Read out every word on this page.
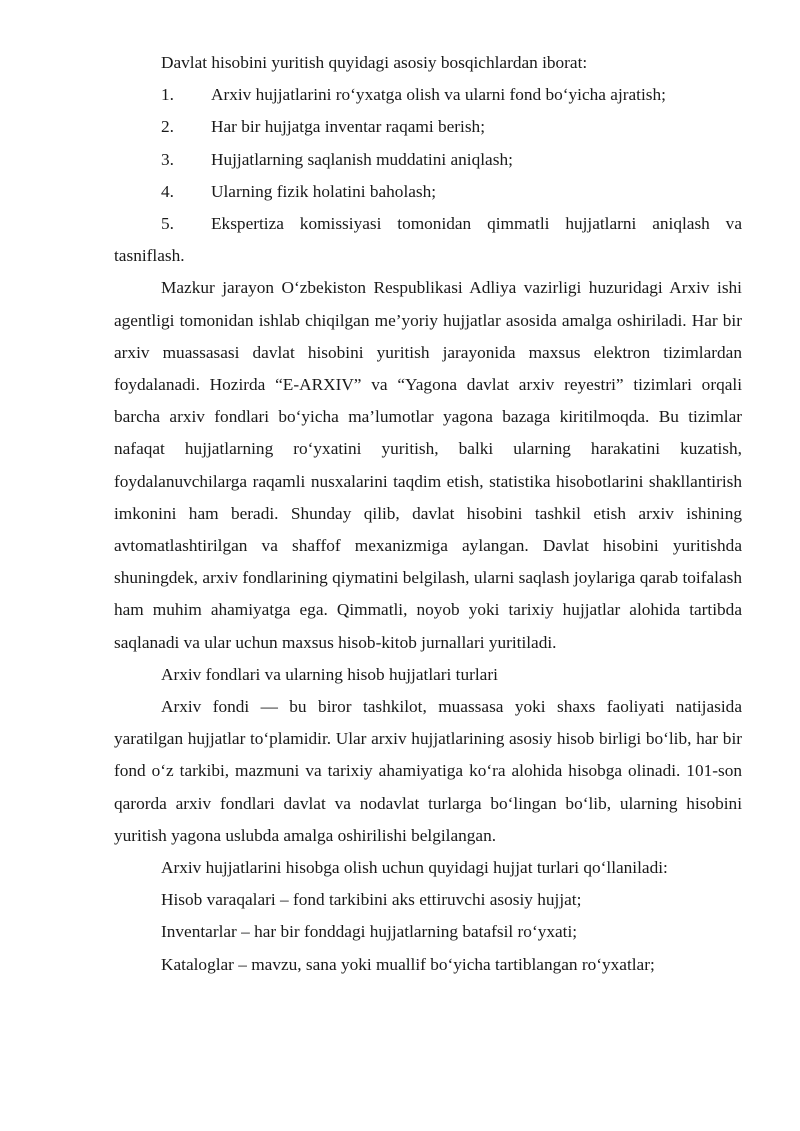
Davlat hisobini yuritish quyidagi asosiy bosqichlardan iborat:

1. Arxiv hujjatlarini ro‘yxatga olish va ularni fond bo‘yicha ajratish;

2. Har bir hujjatga inventar raqami berish;

3. Hujjatlarning saqlanish muddatini aniqlash;

4. Ularning fizik holatini baholash;

5. Ekspertiza komissiyasi tomonidan qimmatli hujjatlarni aniqlash va tasniflash.

Mazkur jarayon O‘zbekiston Respublikasi Adliya vazirligi huzuridagi Arxiv ishi agentligi tomonidan ishlab chiqilgan me’yoriy hujjatlar asosida amalga oshiriladi. Har bir arxiv muassasasi davlat hisobini yuritish jarayonida maxsus elektron tizimlardan foydalanadi. Hozirda “E-ARXIV” va “Yagona davlat arxiv reyestri” tizimlari orqali barcha arxiv fondlari bo‘yicha ma’lumotlar yagona bazaga kiritilmoqda. Bu tizimlar nafaqat hujjatlarning ro‘yxatini yuritish, balki ularning harakatini kuzatish, foydalanuvchilarga raqamli nusxalarini taqdim etish, statistika hisobotlarini shakllantirish imkonini ham beradi. Shunday qilib, davlat hisobini tashkil etish arxiv ishining avtomatlashtirilgan va shaffof mexanizmiga aylangan. Davlat hisobini yuritishda shuningdek, arxiv fondlarining qiymatini belgilash, ularni saqlash joylariga qarab toifalash ham muhim ahamiyatga ega. Qimmatli, noyob yoki tarixiy hujjatlar alohida tartibda saqlanadi va ular uchun maxsus hisob-kitob jurnallari yuritiladi.

Arxiv fondlari va ularning hisob hujjatlari turlari

Arxiv fondi — bu biror tashkilot, muassasa yoki shaxs faoliyati natijasida yaratilgan hujjatlar to‘plamidir. Ular arxiv hujjatlarining asosiy hisob birligi bo‘lib, har bir fond o‘z tarkibi, mazmuni va tarixiy ahamiyatiga ko‘ra alohida hisobga olinadi. 101-son qarorda arxiv fondlari davlat va nodavlat turlarga bo‘lingan bo‘lib, ularning hisobini yuritish yagona uslubda amalga oshirilishi belgilangan.

Arxiv hujjatlarini hisobga olish uchun quyidagi hujjat turlari qo‘llaniladi:

Hisob varaqalari – fond tarkibini aks ettiruvchi asosiy hujjat;

Inventarlar – har bir fonddagi hujjatlarning batafsil ro‘yxati;

Kataloglar – mavzu, sana yoki muallif bo‘yicha tartiblangan ro‘yxatlar;
